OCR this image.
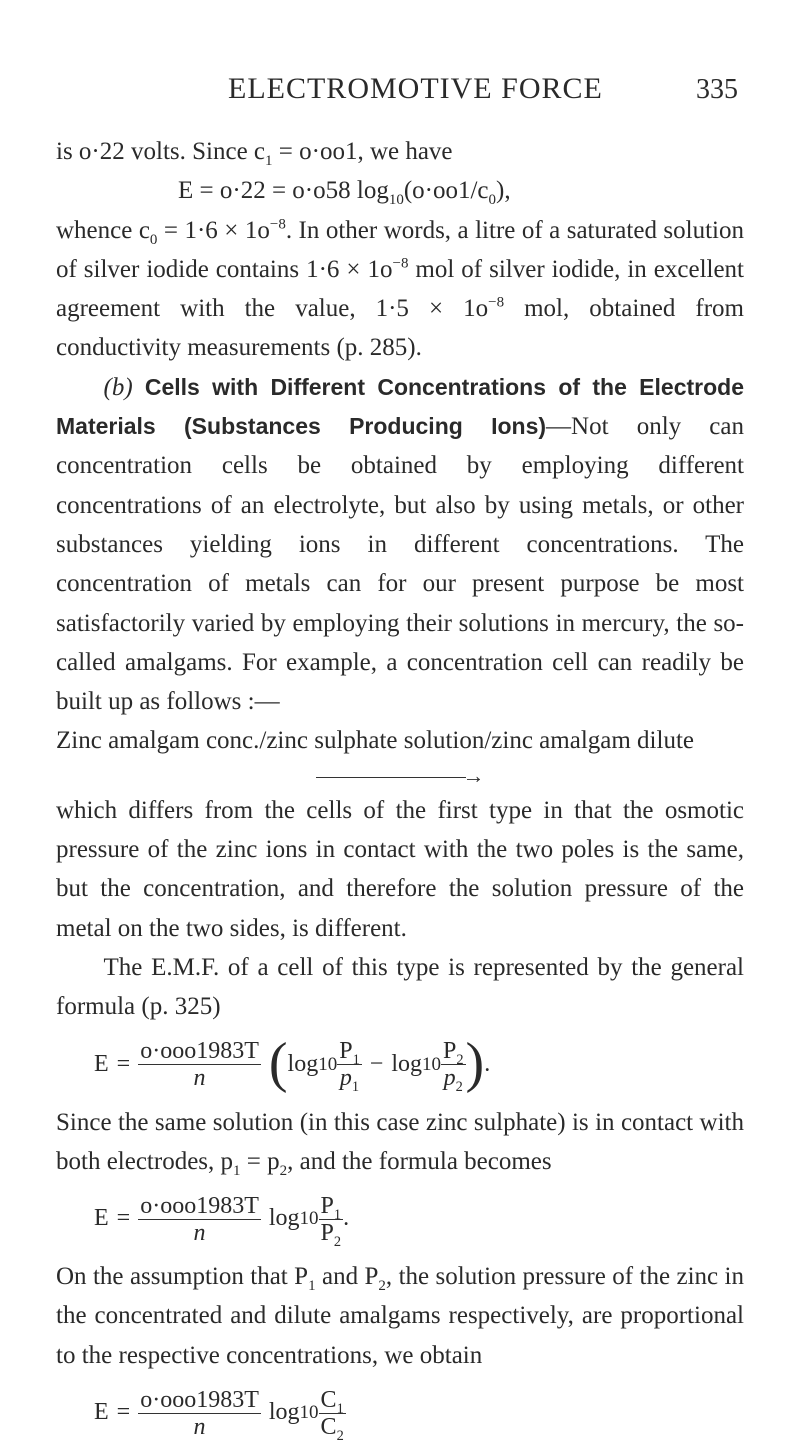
ELECTROMOTIVE FORCE	335

is o·22 volts. Since $c_1 = o\cdot oo1$, we have

E = o·22 = o·o58 $\log_{10}(o\cdot oo1/c_0)$,

whence $c_0 = 1\cdot 6 \times 1o^{-8}$. In other words, a litre of a saturated solution of silver iodide contains $1\cdot 6 \times 1o^{-8}$ mol of silver iodide, in excellent agreement with the value, $1\cdot 5 \times 1o^{-8}$ mol, obtained from conductivity measurements (p. 285).

(b) Cells with Different Concentrations of the Electrode Materials (Substances Producing Ions)—Not only can concentration cells be obtained by employing different concentrations of an electrolyte, but also by using metals, or other substances yielding ions in different concentrations. The concentration of metals can for our present purpose be most satisfactorily varied by employing their solutions in mercury, the so-called amalgams. For example, a concentration cell can readily be built up as follows :—

Zinc amalgam conc./zinc sulphate solution/zinc amalgam dilute

→

which differs from the cells of the first type in that the osmotic pressure of the zinc ions in contact with the two poles is the same, but the concentration, and therefore the solution pressure of the metal on the two sides, is different.

The E.M.F. of a cell of this type is represented by the general formula (p. 325)

$E = \frac{\text{o·ooo1983T}}{n}$ ( $\log 10 \frac{P_1}{p_1} - \log 10 \frac{P_2}{p_2}$ ) .

Since the same solution (in this case zinc sulphate) is in contact with both electrodes, $p_1 = p_2$, and the formula becomes

$E = \frac{\text{o·ooo1983T}}{n}$ $\log 10 \frac{P_1}{P_2}$ .

On the assumption that $P_1$ and $P_2$, the solution pressure of the zinc in the concentrated and dilute amalgams respectively, are proportional to the respective concentrations, we obtain

$E = \frac{\text{o·ooo1983T}}{n}$ $\log 10 \frac{C_1}{C_2}$
